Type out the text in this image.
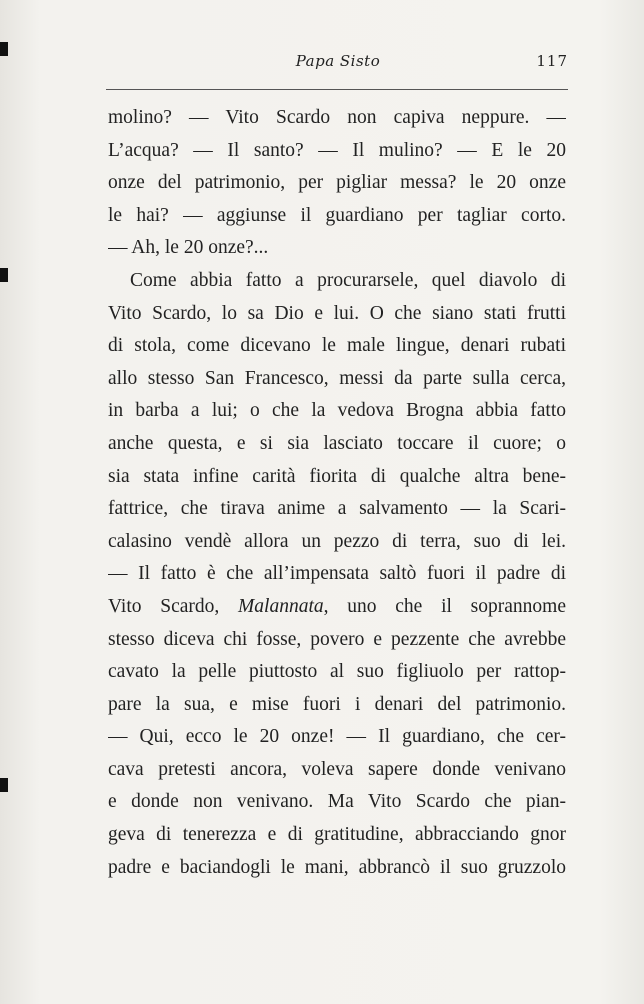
Papa Sisto	117
molino? — Vito Scardo non capiva neppure. —
L’acqua? — Il santo? — Il mulino? — E le 20
onze del patrimonio, per pigliar messa? le 20 onze
le hai? — aggiunse il guardiano per tagliar corto.
— Ah, le 20 onze?...
Come abbia fatto a procurarsele, quel diavolo di
Vito Scardo, lo sa Dio e lui. O che siano stati frutti
di stola, come dicevano le male lingue, denari rubati
allo stesso San Francesco, messi da parte sulla cerca,
in barba a lui; o che la vedova Brogna abbia fatto
anche questa, e si sia lasciato toccare il cuore; o
sia stata infine carità fiorita di qualche altra bene-
fattrice, che tirava anime a salvamento — la Scari-
calasino vendè allora un pezzo di terra, suo di lei.
— Il fatto è che all’impensata saltò fuori il padre di
Vito Scardo, Malannata, uno che il soprannome
stesso diceva chi fosse, povero e pezzente che avrebbe
cavato la pelle piuttosto al suo figliuolo per rattop-
pare la sua, e mise fuori i denari del patrimonio.
— Qui, ecco le 20 onze! — Il guardiano, che cer-
cava pretesti ancora, voleva sapere donde venivano
e donde non venivano. Ma Vito Scardo che pian-
geva di tenerezza e di gratitudine, abbracciando gnor
padre e baciandogli le mani, abbrancò il suo gruzzolo
